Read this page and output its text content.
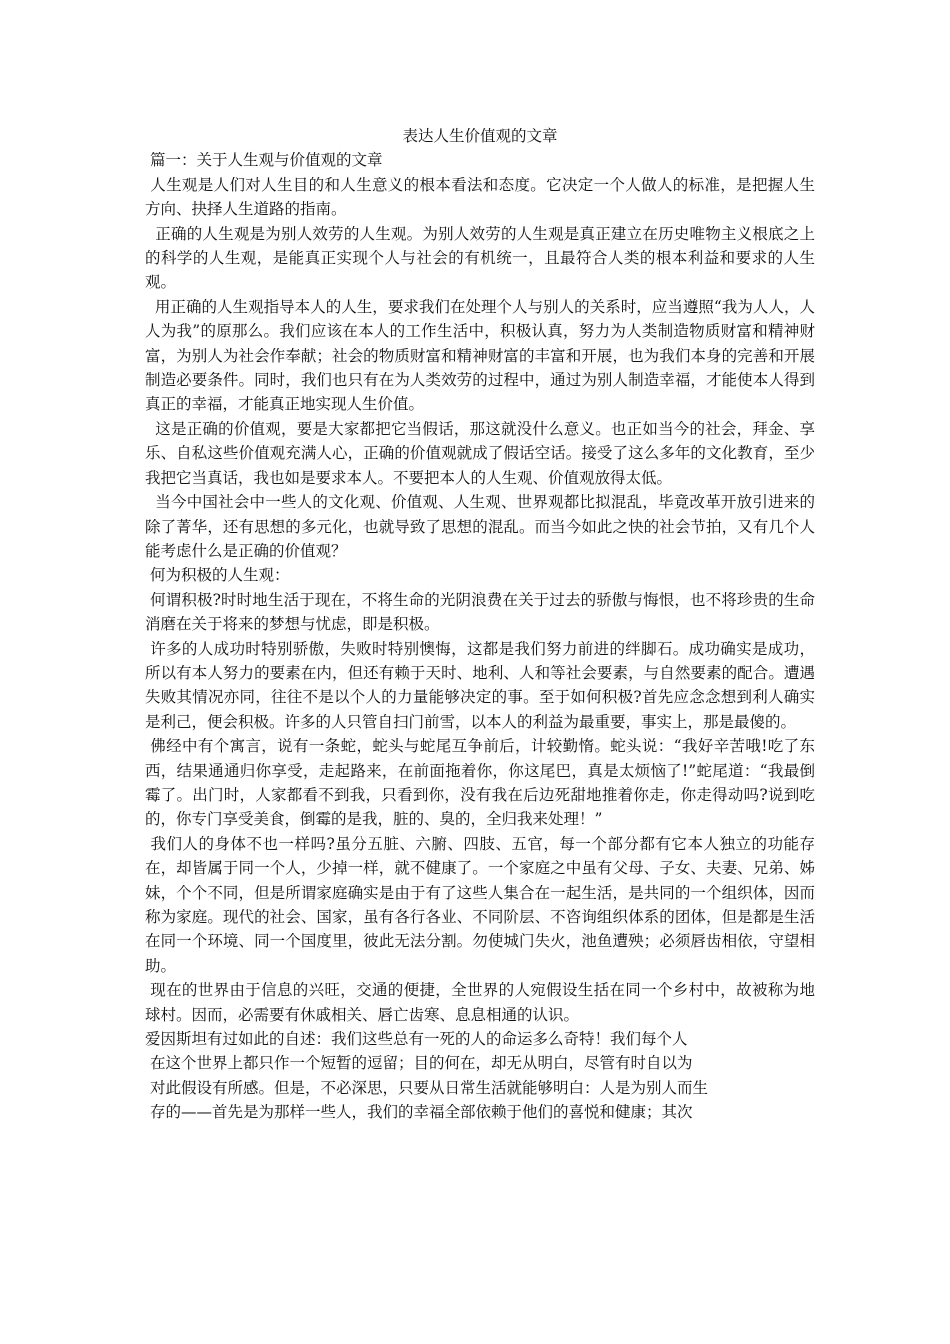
表达人生价值观的文章

篇一：关于人生观与价值观的文章

人生观是人们对人生目的和人生意义的根本看法和态度。它决定一个人做人的标准，是把握人生方向、抉择人生道路的指南。

正确的人生观是为别人效劳的人生观。为别人效劳的人生观是真正建立在历史唯物主义根底之上的科学的人生观，是能真正实现个人与社会的有机统一，且最符合人类的根本利益和要求的人生观。

用正确的人生观指导本人的人生，要求我们在处理个人与别人的关系时，应当遵照“我为人人，人人为我”的原那么。我们应该在本人的工作生活中，积极认真，努力为人类制造物质财富和精神财富，为别人为社会作奉献；社会的物质财富和精神财富的丰富和开展，也为我们本身的完善和开展制造必要条件。同时，我们也只有在为人类效劳的过程中，通过为别人制造幸福，才能使本人得到真正的幸福，才能真正地实现人生价值。

这是正确的价值观，要是大家都把它当假话，那这就没什么意义。也正如当今的社会，拜金、享乐、自私这些价值观充满人心，正确的价值观就成了假话空话。接受了这么多年的文化教育，至少我把它当真话，我也如是要求本人。不要把本人的人生观、价值观放得太低。

当今中国社会中一些人的文化观、价值观、人生观、世界观都比拟混乱，毕竟改革开放引进来的除了菁华，还有思想的多元化，也就导致了思想的混乱。而当今如此之快的社会节拍，又有几个人能考虑什么是正确的价值观？

何为积极的人生观：

何谓积极?时时地生活于现在，不将生命的光阴浪费在关于过去的骄傲与悔恨，也不将珍贵的生命消磨在关于将来的梦想与忧虑，即是积极。

许多的人成功时特别骄傲，失败时特别懊悔，这都是我们努力前进的绊脚石。成功确实是成功，所以有本人努力的要素在内，但还有赖于天时、地利、人和等社会要素，与自然要素的配合。遭遇失败其情况亦同，往往不是以个人的力量能够决定的事。至于如何积极?首先应念念想到利人确实是利己，便会积极。许多的人只管自扫门前雪，以本人的利益为最重要，事实上，那是最傻的。

佛经中有个寓言，说有一条蛇，蛇头与蛇尾互争前后，计较勤惰。蛇头说：“我好辛苦哦!吃了东西，结果通通归你享受，走起路来，在前面拖着你，你这尾巴，真是太烦恼了!”蛇尾道：“我最倒霉了。出门时，人家都看不到我，只看到你，没有我在后边死甜地推着你走，你走得动吗?说到吃的，你专门享受美食，倒霉的是我，脏的、臭的，全归我来处理！”

我们人的身体不也一样吗?虽分五脏、六腑、四肢、五官，每一个部分都有它本人独立的功能存在，却皆属于同一个人，少掉一样，就不健康了。一个家庭之中虽有父母、子女、夫妻、兄弟、姊妹，个个不同，但是所谓家庭确实是由于有了这些人集合在一起生活，是共同的一个组织体，因而称为家庭。现代的社会、国家，虽有各行各业、不同阶层、不咨询组织体系的团体，但是都是生活在同一个环境、同一个国度里，彼此无法分割。勿使城门失火，池鱼遭殃；必须唇齿相依，守望相助。

现在的世界由于信息的兴旺，交通的便捷，全世界的人宛假设生括在同一个乡村中，故被称为地球村。因而，必需要有休戚相关、唇亡齿寒、息息相通的认识。

爱因斯坦有过如此的自述：我们这些总有一死的人的命运多么奇特！我们每个人

在这个世界上都只作一个短暂的逗留；目的何在，却无从明白，尽管有时自以为

对此假设有所感。但是，不必深思，只要从日常生活就能够明白：人是为别人而生

存的——首先是为那样一些人，我们的幸福全部依赖于他们的喜悦和健康；其次
